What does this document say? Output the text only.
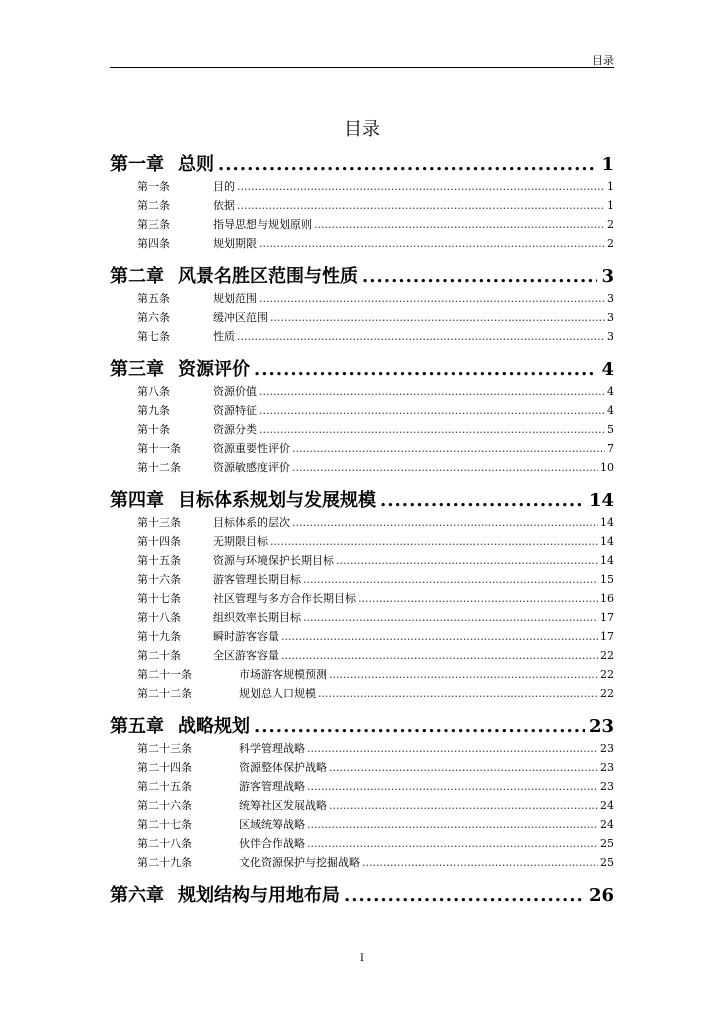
目录
目录
第一章 总则 .....	1
第一条	目的 .....	1
第二条	依据 .....	1
第三条	指导思想与规划原则 .....	2
第四条	规划期限 .....	2
第二章 风景名胜区范围与性质 .....	3
第五条	规划范围 .....	3
第六条	缓冲区范围 .....	3
第七条	性质 .....	3
第三章 资源评价 .....	4
第八条	资源价值 .....	4
第九条	资源特征 .....	4
第十条	资源分类 .....	5
第十一条	资源重要性评价 .....	7
第十二条	资源敏感度评价 .....	10
第四章 目标体系规划与发展规模 .....	14
第十三条	目标体系的层次 .....	14
第十四条	无期限目标 .....	14
第十五条	资源与环境保护长期目标 .....	14
第十六条	游客管理长期目标 .....	15
第十七条	社区管理与多方合作长期目标 .....	16
第十八条	组织效率长期目标 .....	17
第十九条	瞬时游客容量 .....	17
第二十条	全区游客容量 .....	22
第二十一条	市场游客规模预测 .....	22
第二十二条	规划总人口规模 .....	22
第五章 战略规划 .....	23
第二十三条	科学管理战略 .....	23
第二十四条	资源整体保护战略 .....	23
第二十五条	游客管理战略 .....	23
第二十六条	统筹社区发展战略 .....	24
第二十七条	区域统筹战略 .....	24
第二十八条	伙伴合作战略 .....	25
第二十九条	文化资源保护与挖掘战略 .....	25
第六章 规划结构与用地布局 .....	26
I
